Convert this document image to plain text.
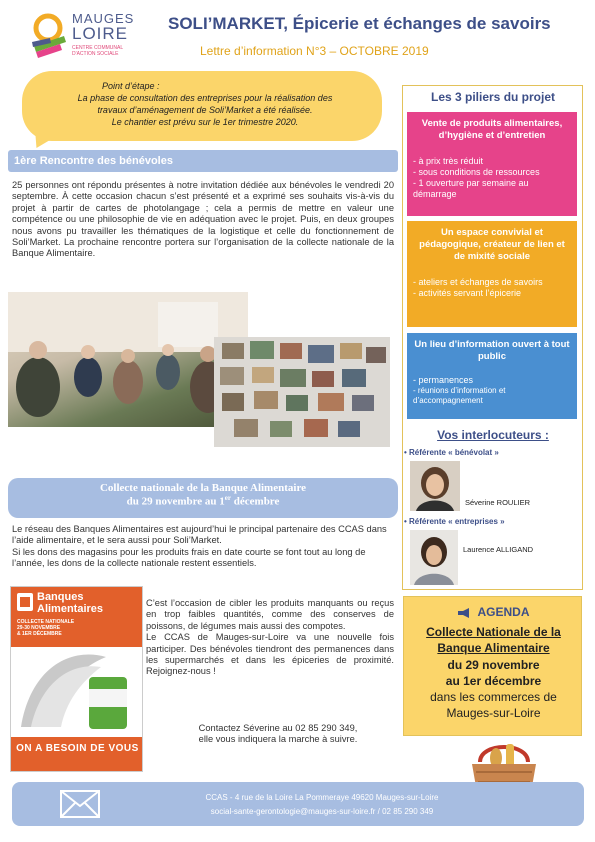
MAUGES
LOIRE
CENTRE COMMUNAL D'ACTION SOCIALE
SOLI’MARKET, Épicerie et échanges de savoirs
Lettre d’information N°3 – OCTOBRE 2019
Point d’étape :
La phase de consultation des entreprises pour la réalisation des
travaux d’aménagement de Soli’Market a été réalisée.
Le chantier est prévu sur le 1er trimestre 2020.
1ère Rencontre des bénévoles
25 personnes ont répondu présentes à notre invitation dédiée aux bénévoles le vendredi 20 septembre. À cette occasion chacun s’est présenté et a exprimé ses souhaits vis-à-vis du projet à partir de cartes de photolangage ; cela a permis de mettre en valeur une compétence ou une philosophie de vie en adéquation avec le projet. Puis, en deux groupes nous avons pu travailler les thématiques de la logistique et celle du fonctionnement de Soli’Market. La prochaine rencontre portera sur l’organisation de la collecte nationale de la Banque Alimentaire.
Collecte nationale de la Banque Alimentaire
du 29 novembre au 1er décembre
Le réseau des Banques Alimentaires est aujourd’hui le principal partenaire des CCAS dans l’aide alimentaire, et le sera aussi pour Soli’Market.
Si les dons des magasins pour les produits frais en date courte se font tout au long de l’année, les dons de la collecte nationale restent essentiels.
Banques
Alimentaires
COLLECTE NATIONALE
29-30 NOVEMBRE
& 1ER DÉCEMBRE
ON A BESOIN DE VOUS
C’est l’occasion de cibler les produits manquants ou reçus en trop faibles quantités, comme des conserves de poissons, de légumes mais aussi des compotes.
Le CCAS de Mauges-sur-Loire va une nouvelle fois participer. Des bénévoles tiendront des permanences dans les supermarchés et dans les épiceries de proximité. Rejoignez-nous !
Contactez Séverine au 02 85 290 349,
elle vous indiquera la marche à suivre.
Les 3 piliers du projet
Vente de produits alimentaires, d’hygiène et d’entretien
- à prix très réduit
- sous conditions de ressources
- 1 ouverture par semaine au démarrage
Un espace convivial et pédagogique, créateur de lien et de mixité sociale
- ateliers et échanges de savoirs
- activités servant l’épicerie
Un lieu d’information ouvert à tout public
- permanences
- réunions d’information et d’accompagnement
Vos interlocuteurs :
• Référente « bénévolat »
Séverine ROULIER
• Référente « entreprises »
Laurence ALLIGAND
AGENDA
Collecte Nationale de la Banque Alimentaire
du 29 novembre
au 1er décembre
dans les commerces de
Mauges-sur-Loire
CCAS - 4 rue de la Loire La Pommeraye 49620 Mauges-sur-Loire
social-sante-gerontologie@mauges-sur-loire.fr / 02 85 290 349
